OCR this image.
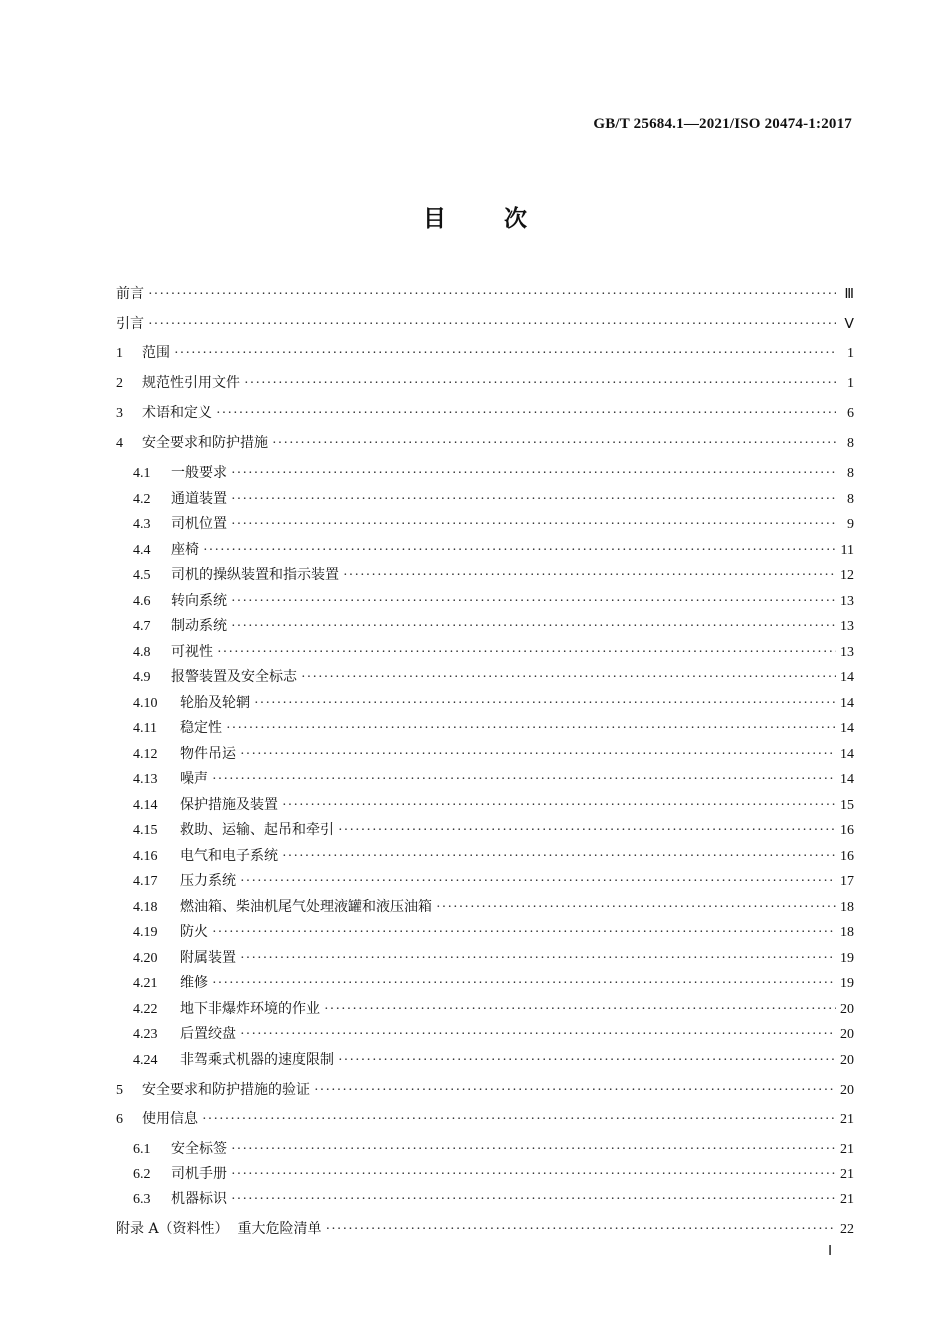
GB/T 25684.1—2021/ISO 20474-1:2017
目	次
前言 ·····	Ⅲ
引言 ·····	Ⅴ
1	范围 ·····	1
2	规范性引用文件 ·····	1
3	术语和定义 ·····	6
4	安全要求和防护措施 ·····	8
4.1	一般要求 ·····	8
4.2	通道装置 ·····	8
4.3	司机位置 ·····	9
4.4	座椅 ·····	11
4.5	司机的操纵装置和指示装置 ·····	12
4.6	转向系统 ·····	13
4.7	制动系统 ·····	13
4.8	可视性 ·····	13
4.9	报警装置及安全标志 ·····	14
4.10	轮胎及轮辋 ·····	14
4.11	稳定性 ·····	14
4.12	物件吊运 ·····	14
4.13	噪声 ·····	14
4.14	保护措施及装置 ·····	15
4.15	救助、运输、起吊和牵引 ·····	16
4.16	电气和电子系统 ·····	16
4.17	压力系统 ·····	17
4.18	燃油箱、柴油机尾气处理液罐和液压油箱 ·····	18
4.19	防火 ·····	18
4.20	附属装置 ·····	19
4.21	维修 ·····	19
4.22	地下非爆炸环境的作业 ·····	20
4.23	后置绞盘 ·····	20
4.24	非驾乘式机器的速度限制 ·····	20
5	安全要求和防护措施的验证 ·····	20
6	使用信息 ·····	21
6.1	安全标签 ·····	21
6.2	司机手册 ·····	21
6.3	机器标识 ·····	21
附录 A（资料性）  重大危险清单 ·····	22
Ⅰ
